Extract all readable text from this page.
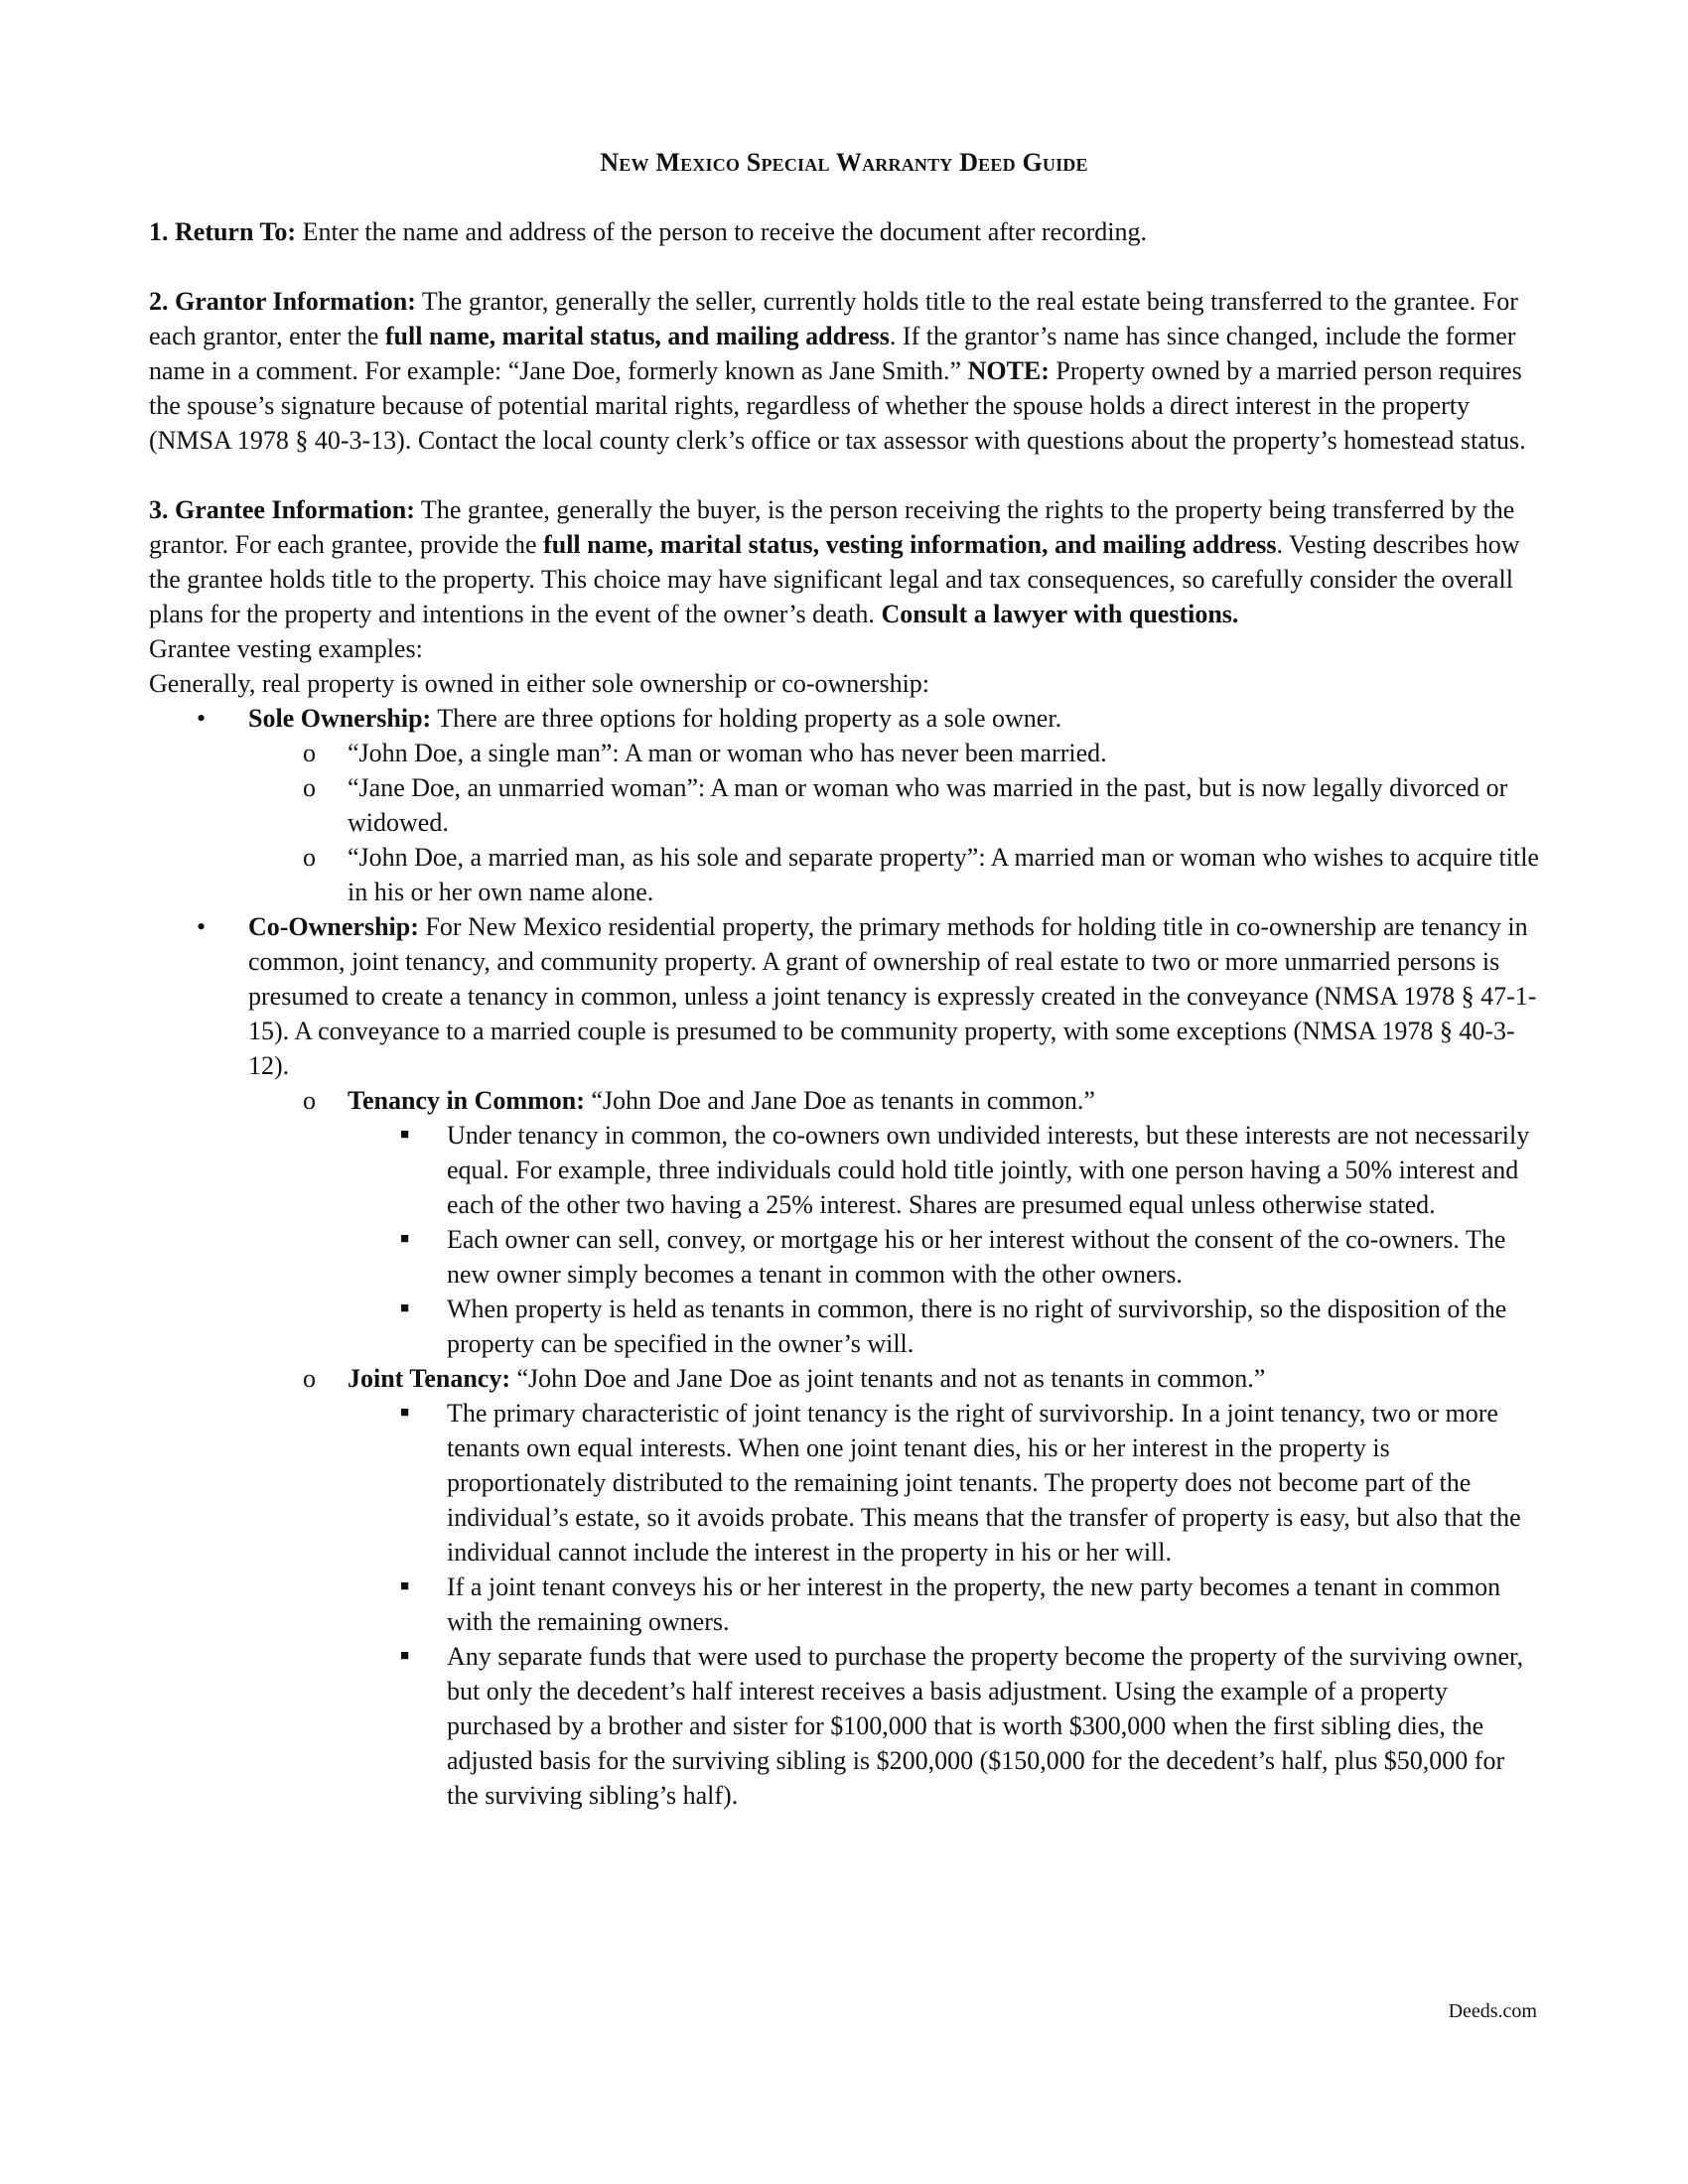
New Mexico Special Warranty Deed Guide

1. Return To: Enter the name and address of the person to receive the document after recording.

2. Grantor Information: The grantor, generally the seller, currently holds title to the real estate being transferred to the grantee. For each grantor, enter the full name, marital status, and mailing address. If the grantor’s name has since changed, include the former name in a comment. For example: “Jane Doe, formerly known as Jane Smith.” NOTE: Property owned by a married person requires the spouse’s signature because of potential marital rights, regardless of whether the spouse holds a direct interest in the property (NMSA 1978 § 40-3-13). Contact the local county clerk’s office or tax assessor with questions about the property’s homestead status.

3. Grantee Information: The grantee, generally the buyer, is the person receiving the rights to the property being transferred by the grantor. For each grantee, provide the full name, marital status, vesting information, and mailing address. Vesting describes how the grantee holds title to the property. This choice may have significant legal and tax consequences, so carefully consider the overall plans for the property and intentions in the event of the owner’s death. Consult a lawyer with questions.

Grantee vesting examples:

Generally, real property is owned in either sole ownership or co-ownership:

• Sole Ownership: There are three options for holding property as a sole owner.
o “John Doe, a single man”: A man or woman who has never been married.
o “Jane Doe, an unmarried woman”: A man or woman who was married in the past, but is now legally divorced or widowed.
o “John Doe, a married man, as his sole and separate property”: A married man or woman who wishes to acquire title in his or her own name alone.
• Co-Ownership: For New Mexico residential property, the primary methods for holding title in co-ownership are tenancy in common, joint tenancy, and community property. A grant of ownership of real estate to two or more unmarried persons is presumed to create a tenancy in common, unless a joint tenancy is expressly created in the conveyance (NMSA 1978 § 47-1-15). A conveyance to a married couple is presumed to be community property, with some exceptions (NMSA 1978 § 40-3-12).
o Tenancy in Common: “John Doe and Jane Doe as tenants in common.”
■ Under tenancy in common, the co-owners own undivided interests, but these interests are not necessarily equal. For example, three individuals could hold title jointly, with one person having a 50% interest and each of the other two having a 25% interest. Shares are presumed equal unless otherwise stated.
■ Each owner can sell, convey, or mortgage his or her interest without the consent of the co-owners. The new owner simply becomes a tenant in common with the other owners.
■ When property is held as tenants in common, there is no right of survivorship, so the disposition of the property can be specified in the owner’s will.
o Joint Tenancy: “John Doe and Jane Doe as joint tenants and not as tenants in common.”
■ The primary characteristic of joint tenancy is the right of survivorship. In a joint tenancy, two or more tenants own equal interests. When one joint tenant dies, his or her interest in the property is proportionately distributed to the remaining joint tenants. The property does not become part of the individual’s estate, so it avoids probate. This means that the transfer of property is easy, but also that the individual cannot include the interest in the property in his or her will.
■ If a joint tenant conveys his or her interest in the property, the new party becomes a tenant in common with the remaining owners.
■ Any separate funds that were used to purchase the property become the property of the surviving owner, but only the decedent’s half interest receives a basis adjustment. Using the example of a property purchased by a brother and sister for $100,000 that is worth $300,000 when the first sibling dies, the adjusted basis for the surviving sibling is $200,000 ($150,000 for the decedent’s half, plus $50,000 for the surviving sibling’s half).
Deeds.com
